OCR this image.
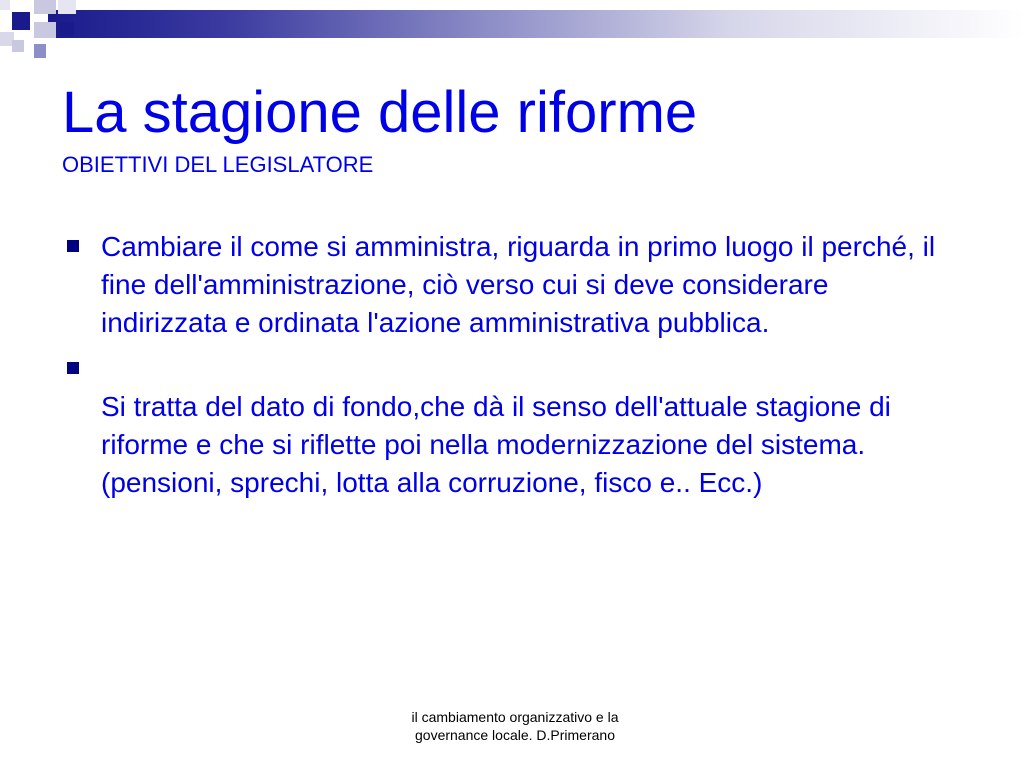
La stagione delle riforme
OBIETTIVI DEL LEGISLATORE
Cambiare il come si amministra, riguarda in primo luogo il perché, il fine dell'amministrazione, ciò verso cui si deve considerare indirizzata e ordinata l'azione amministrativa pubblica.

Si tratta del dato di fondo,che dà il senso dell'attuale stagione di riforme e che si riflette poi nella modernizzazione del sistema. (pensioni, sprechi, lotta alla corruzione, fisco e.. Ecc.)
il cambiamento organizzativo e la
governance locale. D.Primerano
